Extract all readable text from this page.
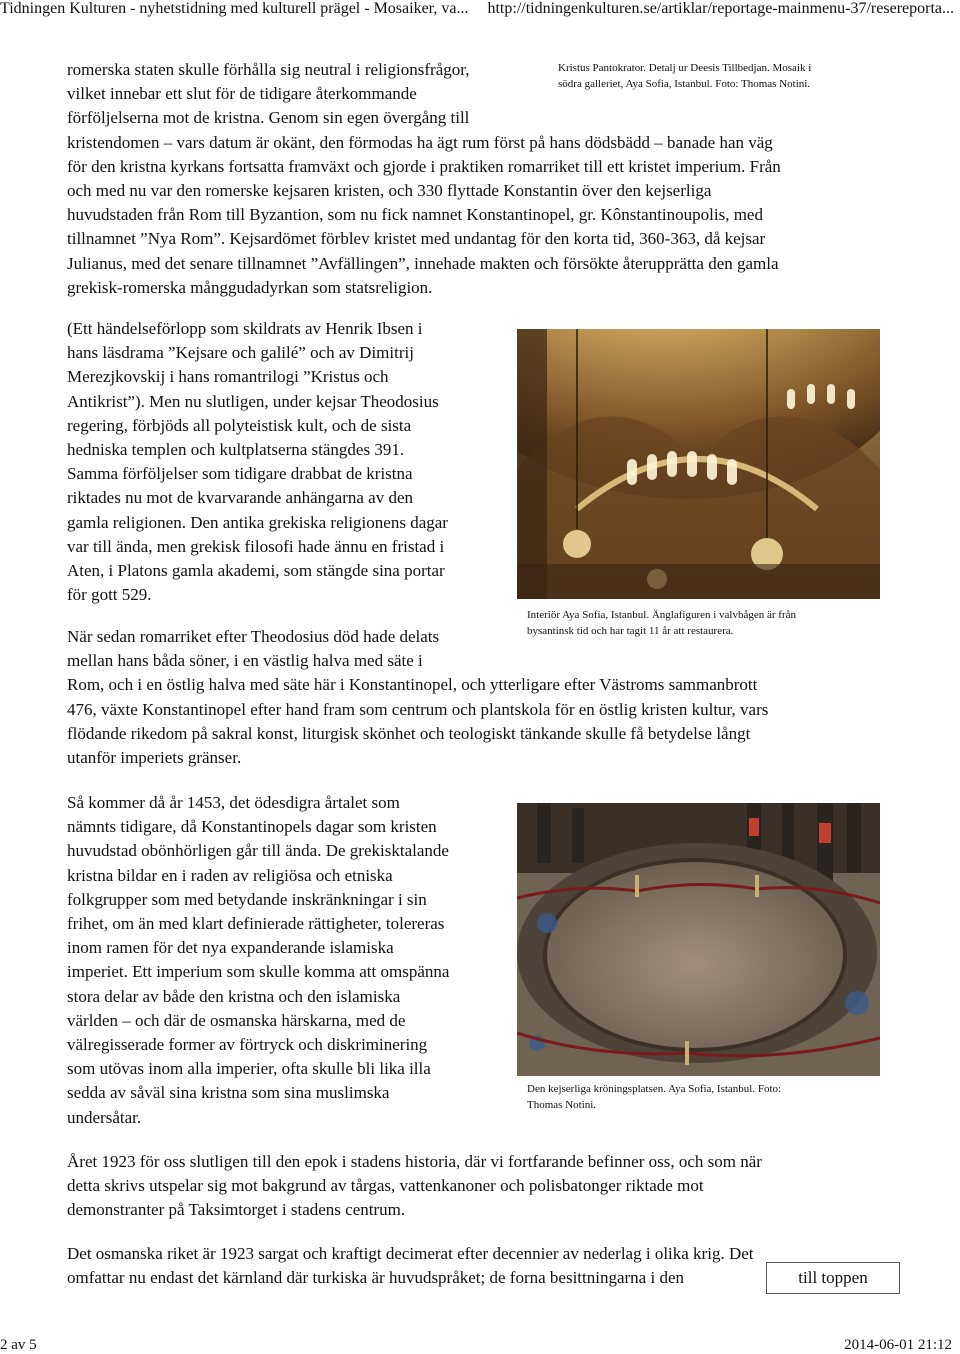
Tidningen Kulturen - nyhetstidning med kulturell prägel - Mosaiker, va... http://tidningenkulturen.se/artiklar/reportage-mainmenu-37/resereporta...
Kristus Pantokrator. Detalj ur Deesis Tillbedjan. Mosaik i
södra galleriet, Aya Sofia, Istanbul. Foto: Thomas Notini.
romerska staten skulle förhålla sig neutral i religionsfrågor,
vilket innebar ett slut för de tidigare återkommande
förföljelserna mot de kristna. Genom sin egen övergång till
kristendomen – vars datum är okänt, den förmodas ha ägt rum först på hans dödsbädd – banade han väg
för den kristna kyrkans fortsatta framväxt och gjorde i praktiken romarriket till ett kristet imperium. Från
och med nu var den romerske kejsaren kristen, och 330 flyttade Konstantin över den kejserliga
huvudstaden från Rom till Byzantion, som nu fick namnet Konstantinopel, gr. Kônstantinoupolis, med
tillnamnet ”Nya Rom”. Kejsardömet förblev kristet med undantag för den korta tid, 360-363, då kejsar
Julianus, med det senare tillnamnet ”Avfällingen”, innehade makten och försökte återupprätta den gamla
grekisk-romerska månggudadyrkan som statsreligion.
Interiör Aya Sofia, Istanbul. Änglafiguren i valvbågen är från
bysantinsk tid och har tagit 11 år att restaurera.
(Ett händelseförlopp som skildrats av Henrik Ibsen i
hans läsdrama ”Kejsare och galilé” och av Dimitrij
Merezjkovskij i hans romantrilogi ”Kristus och
Antikrist”). Men nu slutligen, under kejsar Theodosius
regering, förbjöds all polyteistisk kult, och de sista
hedniska templen och kultplatserna stängdes 391.
Samma förföljelser som tidigare drabbat de kristna
riktades nu mot de kvarvarande anhängarna av den
gamla religionen. Den antika grekiska religionens dagar
var till ända, men grekisk filosofi hade ännu en fristad i
Aten, i Platons gamla akademi, som stängde sina portar
för gott 529.
När sedan romarriket efter Theodosius död hade delats
mellan hans båda söner, i en västlig halva med säte i
Rom, och i en östlig halva med säte här i Konstantinopel, och ytterligare efter Västroms sammanbrott
476, växte Konstantinopel efter hand fram som centrum och plantskola för en östlig kristen kultur, vars
flödande rikedom på sakral konst, liturgisk skönhet och teologiskt tänkande skulle få betydelse långt
utanför imperiets gränser.
Den kejserliga kröningsplatsen. Aya Sofia, Istanbul. Foto:
Thomas Notini.
Så kommer då år 1453, det ödesdigra årtalet som
nämnts tidigare, då Konstantinopels dagar som kristen
huvudstad obönhörligen går till ända. De grekisktalande
kristna bildar en i raden av religiösa och etniska
folkgrupper som med betydande inskränkningar i sin
frihet, om än med klart definierade rättigheter, tolereras
inom ramen för det nya expanderande islamiska
imperiet. Ett imperium som skulle komma att omspänna
stora delar av både den kristna och den islamiska
världen – och där de osmanska härskarna, med de
välregisserade former av förtryck och diskriminering
som utövas inom alla imperier, ofta skulle bli lika illa
sedda av såväl sina kristna som sina muslimska
undersåtar.
Året 1923 för oss slutligen till den epok i stadens historia, där vi fortfarande befinner oss, och som när
detta skrivs utspelar sig mot bakgrund av tårgas, vattenkanoner och polisbatonger riktade mot
demonstranter på Taksimtorget i stadens centrum.
Det osmanska riket är 1923 sargat och kraftigt decimerat efter decennier av nederlag i olika krig. Det
omfattar nu endast det kärnland där turkiska är huvudspråket; de forna besittningarna i den	till toppen
2 av 5	2014-06-01 21:12
